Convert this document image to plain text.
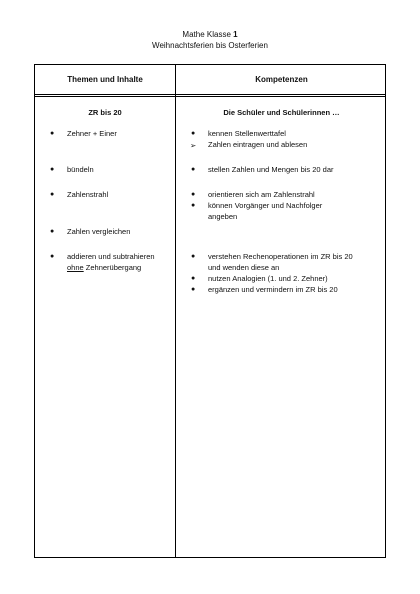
Mathe Klasse 1
Weihnachtsferien bis Osterferien
Themen und Inhalte	Kompetenzen
ZR bis 20	Die Schüler und Schülerinnen …
● Zehner + Einer
● bündeln
● Zahlenstrahl
● Zahlen vergleichen
● addieren und subtrahieren
ohne Zehnerübergang
● kennen Stellenwerttafel
➢ Zahlen eintragen und ablesen
● stellen Zahlen und Mengen bis 20 dar
● orientieren sich am Zahlenstrahl
● können Vorgänger und Nachfolger
angeben
● verstehen Rechenoperationen im ZR bis 20
und wenden diese an
● nutzen Analogien (1. und 2. Zehner)
● ergänzen und vermindern im ZR bis 20
